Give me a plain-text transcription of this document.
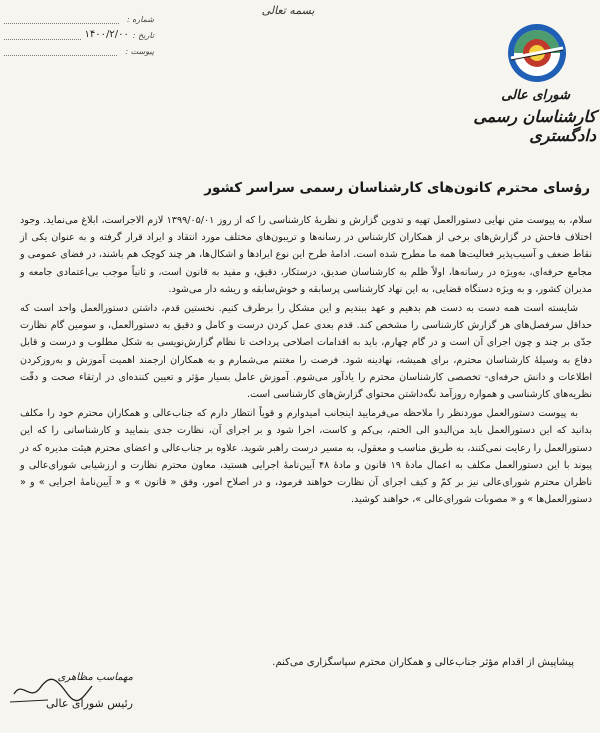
بسمه تعالی
شماره :
تاریخ :
۱۴۰۰/۲/۰۰
پیوست :
شورای عالی
کارشناسان رسمی دادگستری
رؤسای محترم کانون‌های کارشناسان رسمی سراسر کشور

سلام، به پیوست متن نهایی دستورالعمل تهیه و تدوین گزارش و نظریهٔ کارشناسی را که از روز ۱۳۹۹/۰۵/۰۱ لازم الاجراست، ابلاغ می‌نماید. وجود اختلاف فاحش در گزارش‌های برخی از همکاران کارشناس در رسانه‌ها و تریبون‌های مختلف مورد انتقاد و ایراد قرار گرفته و به عنوان یکی از نقاط ضعف و آسیب‌پذیر فعالیت‌ها همه ما مطرح شده است. ادامهٔ طرح این نوع ایرادها و اشکال‌ها، هر چند کوچک هم باشند، در فضای عمومی و مجامع حرفه‌ای، به‌ویژه در رسانه‌ها، اولاً ظلم به کارشناسان صدیق، درستکار، دقیق، و مفید به قانون است، و ثانیاً موجب بی‌اعتمادی جامعه و مدیران کشور، و به ویژه دستگاه قضایی، به این نهاد کارشناسی پرسابقه و خوش‌سابقه و ریشه دار می‌شود.

شایسته است همه دست به دست هم بدهیم و عهد ببندیم و این مشکل را برطرف کنیم. نخستین قدم، داشتن دستورالعمل واحد است که حداقل سرفصل‌های هر گزارش کارشناسی را مشخص کند. قدم بعدی عمل کردن درست و کامل و دقیق به دستورالعمل، و سومین گام نظارت جدّی بر چند و چون اجرای آن است و در گام چهارم، باید به اقدامات اصلاحی پرداخت تا نظام گزارش‌نویسی به شکل مطلوب و درست و قابل دفاع به وسیلهٔ کارشناسان محترم، برای همیشه، نهادینه شود. فرصت را مغتنم می‌شمارم و به همکاران ارجمند اهمیت آموزش و به‌روزکردن اطلاعات و دانش حرفه‌ای- تخصصی کارشناسان محترم را یادآور می‌شوم. آموزش عامل بسیار مؤثر و تعیین کننده‌ای در ارتقاء صحت و دقّت نظریه‌های کارشناسی و همواره روزآمد نگه‌داشتن محتوای گزارش‌های کارشناسی است.

به پیوست دستورالعمل موردنظر را ملاحظه می‌فرمایید اینجانب امیدوارم و قویاً انتظار دارم که جناب‌عالی و همکاران محترم خود را مکلف بدانید که این دستورالعمل باید من‌البدو الی الختم، بی‌کم و کاست، اجرا شود و بر اجرای آن، نظارت جدی بنمایید و کارشناسانی را که این دستورالعمل را رعایت نمی‌کنند، به طریق مناسب و معقول، به مسیر درست راهبر شوید. علاوه بر جناب‌عالی و اعضای محترم هیئت مدیره که در پیوند با این دستورالعمل مکلف به اعمال مادهٔ ۱۹ قانون و مادهٔ ۴۸ آیین‌نامهٔ اجرایی هستید، معاون محترم نظارت و ارزشیابی شورای‌عالی و ناظران محترم شورای‌عالی نیز بر کمّ و کیف اجرای آن نظارت خواهند فرمود، و در اصلاح امور، وفق « قانون » و « آیین‌نامهٔ اجرایی » و « دستورالعمل‌ها » و « مصوبات شورای‌عالی »، خواهند کوشید.

پیشاپیش از اقدام مؤثر جناب‌عالی و همکاران محترم سپاسگزاری می‌کنم.
مهماسب مظاهری
رئیس شورای عالی
